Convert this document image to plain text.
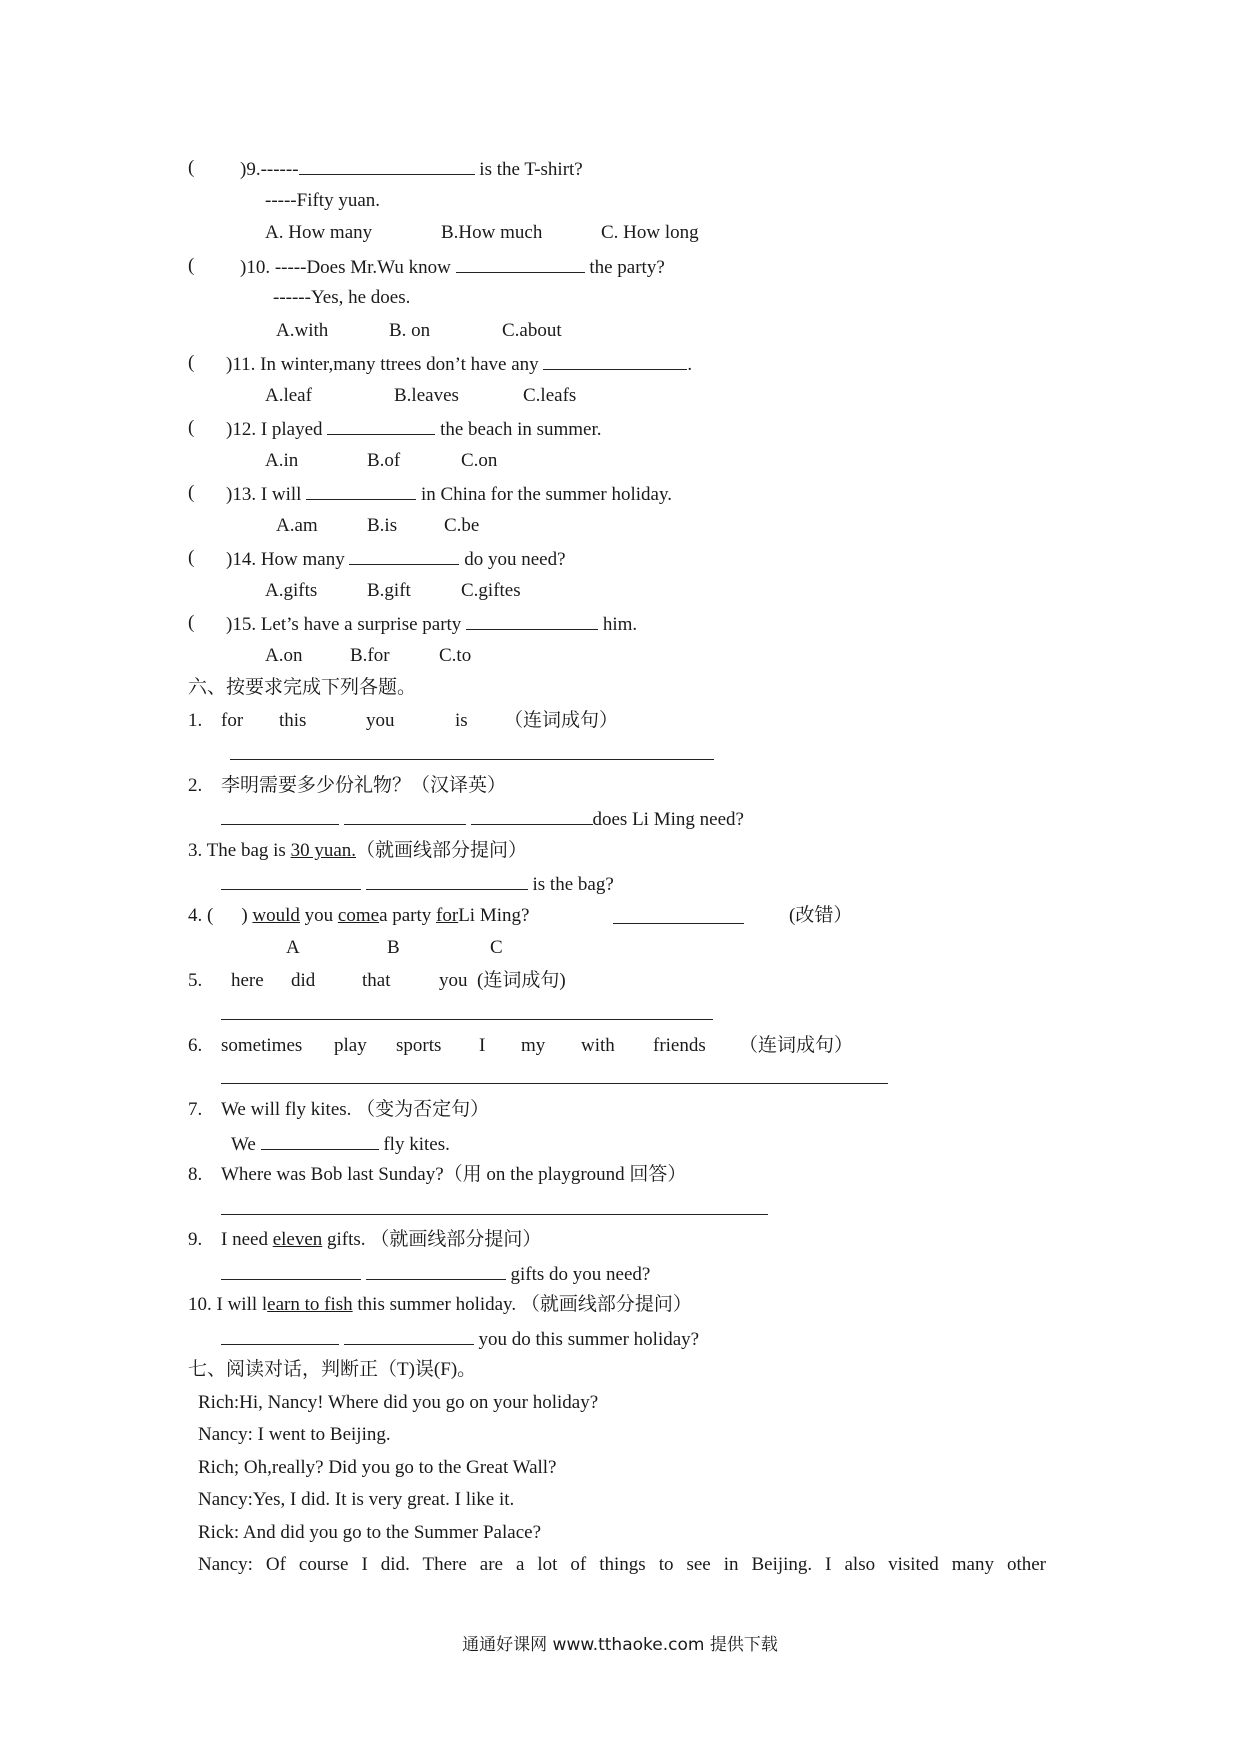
( )9.------	is the T-shirt?
-----Fifty yuan.
A. How many	B.How much	C. How long
( )10. -----Does Mr.Wu know	the party?
------Yes, he does.
A.with	B. on	C.about
( )11. In winter,many ttrees don’t have any	.
A.leaf	B.leaves	C.leafs
( )12. I played	the beach in summer.
A.in	B.of	C.on
( )13. I will	in China for the summer holiday.
A.am	B.is C.be
( )14. How many	do you need?
A.gifts	B.gift	C.giftes
( )15. Let’s have a surprise party	him.
A.on	B.for	C.to
六、按要求完成下列各题。
1. for this	you	is （连词成句）
2. 李明需要多少份礼物？（汉译英）
does Li Ming need?
3. The bag is 30 yuan.（就画线部分提问）
is the bag?
4. ( ) would you comea party forLi Ming?	(改错）
A	B	C
5. here did that	you (连词成句)
6. sometimes play sports I my with friends （连词成句）
7. We will fly kites. （变为否定句）
We	fly kites.
8. Where was Bob last Sunday?（用 on the playground 回答）
9. I need eleven gifts. （就画线部分提问）
gifts do you need?
10. I will learn to fish this summer holiday. （就画线部分提问）
you do this summer holiday?
七、阅读对话，判断正（T)误(F)。
Rich:Hi, Nancy! Where did you go on your holiday?
Nancy: I went to Beijing.
Rich; Oh,really? Did you go to the Great Wall?
Nancy:Yes, I did. It is very great. I like it.
Rick: And did you go to the Summer Palace?
Nancy: Of course I did. There are a lot of things to see in Beijing. I also visited many other
通通好课网 www.tthaoke.com 提供下载
